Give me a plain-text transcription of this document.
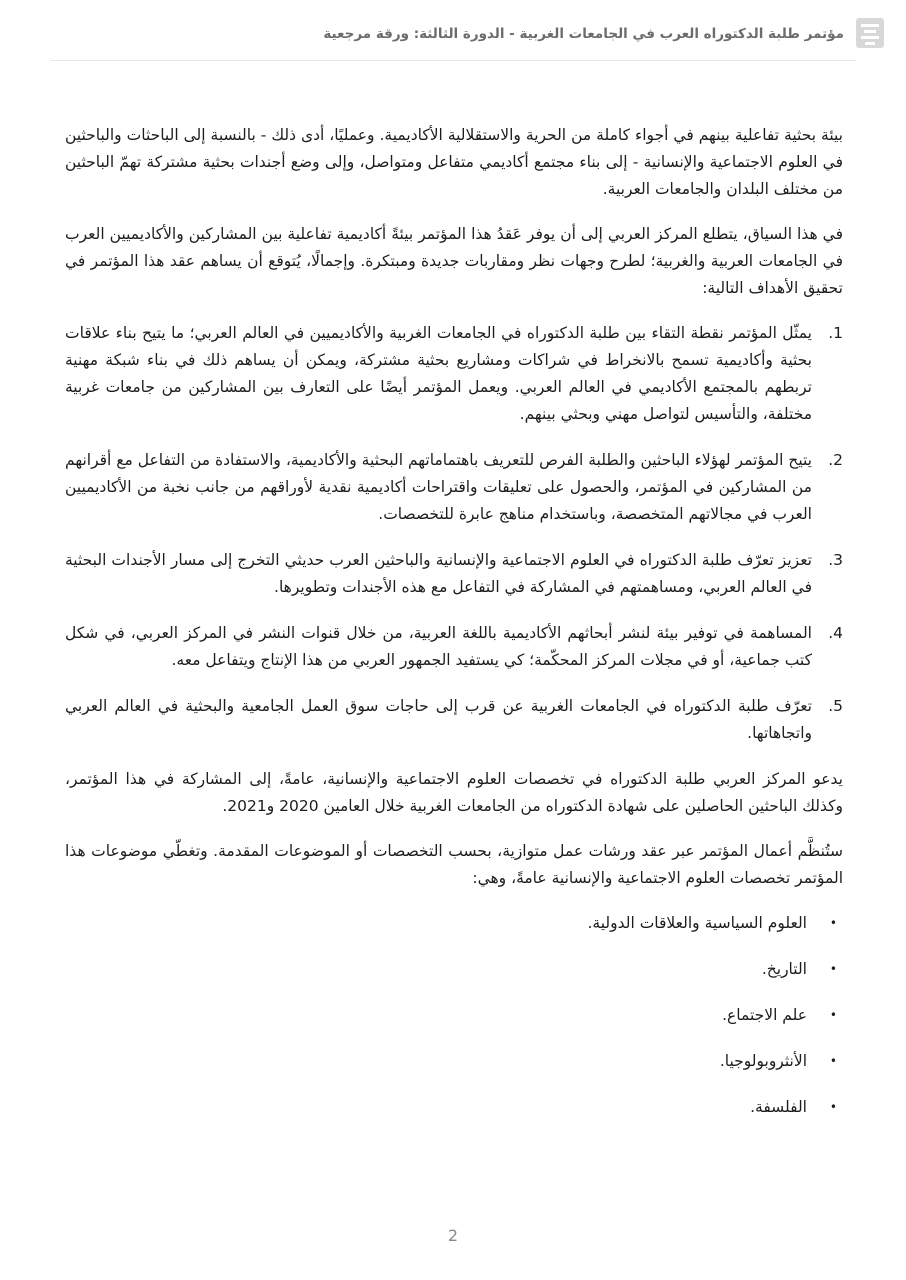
مؤتمر طلبة الدكتوراه العرب في الجامعات الغربية - الدورة الثالثة: ورقة مرجعية

بيئة بحثية تفاعلية بينهم في أجواء كاملة من الحرية والاستقلالية الأكاديمية. وعمليًا، أدى ذلك - بالنسبة إلى الباحثات والباحثين في العلوم الاجتماعية والإنسانية - إلى بناء مجتمع أكاديمي متفاعل ومتواصل، وإلى وضع أجندات بحثية مشتركة تهمّ الباحثين من مختلف البلدان والجامعات العربية.

في هذا السياق، يتطلع المركز العربي إلى أن يوفر عَقدُ هذا المؤتمر بيئةً أكاديمية تفاعلية بين المشاركين والأكاديميين العرب في الجامعات العربية والغربية؛ لطرح وجهات نظر ومقاربات جديدة ومبتكرة. وإجمالًا، يُتوقع أن يساهم عقد هذا المؤتمر في تحقيق الأهداف التالية:

.1
يمثّل المؤتمر نقطة التقاء بين طلبة الدكتوراه في الجامعات الغربية والأكاديميين في العالم العربي؛ ما يتيح بناء علاقات بحثية وأكاديمية تسمح بالانخراط في شراكات ومشاريع بحثية مشتركة، ويمكن أن يساهم ذلك في بناء شبكة مهنية تربطهم بالمجتمع الأكاديمي في العالم العربي. ويعمل المؤتمر أيضًا على التعارف بين المشاركين من جامعات غربية مختلفة، والتأسيس لتواصل مهني وبحثي بينهم.
.2
يتيح المؤتمر لهؤلاء الباحثين والطلبة الفرص للتعريف باهتماماتهم البحثية والأكاديمية، والاستفادة من التفاعل مع أقرانهم من المشاركين في المؤتمر، والحصول على تعليقات واقتراحات أكاديمية نقدية لأوراقهم من جانب نخبة من الأكاديميين العرب في مجالاتهم المتخصصة، وباستخدام مناهج عابرة للتخصصات.
.3
تعزيز تعرّف طلبة الدكتوراه في العلوم الاجتماعية والإنسانية والباحثين العرب حديثي التخرج إلى مسار الأجندات البحثية في العالم العربي، ومساهمتهم في المشاركة في التفاعل مع هذه الأجندات وتطويرها.
.4
المساهمة في توفير بيئة لنشر أبحاثهم الأكاديمية باللغة العربية، من خلال قنوات النشر في المركز العربي، في شكل كتب جماعية، أو في مجلات المركز المحكّمة؛ كي يستفيد الجمهور العربي من هذا الإنتاج ويتفاعل معه.
.5
تعرّف طلبة الدكتوراه في الجامعات الغربية عن قرب إلى حاجات سوق العمل الجامعية والبحثية في العالم العربي واتجاهاتها.

يدعو المركز العربي طلبة الدكتوراه في تخصصات العلوم الاجتماعية والإنسانية، عامةً، إلى المشاركة في هذا المؤتمر، وكذلك الباحثين الحاصلين على شهادة الدكتوراه من الجامعات الغربية خلال العامين 2020 و2021.

ستُنظَّم أعمال المؤتمر عبر عقد ورشات عمل متوازية، بحسب التخصصات أو الموضوعات المقدمة. وتغطّي موضوعات هذا المؤتمر تخصصات العلوم الاجتماعية والإنسانية عامةً، وهي:

•
العلوم السياسية والعلاقات الدولية.
•
التاريخ.
•
علم الاجتماع.
•
الأنثروبولوجيا.
•
الفلسفة.
2
